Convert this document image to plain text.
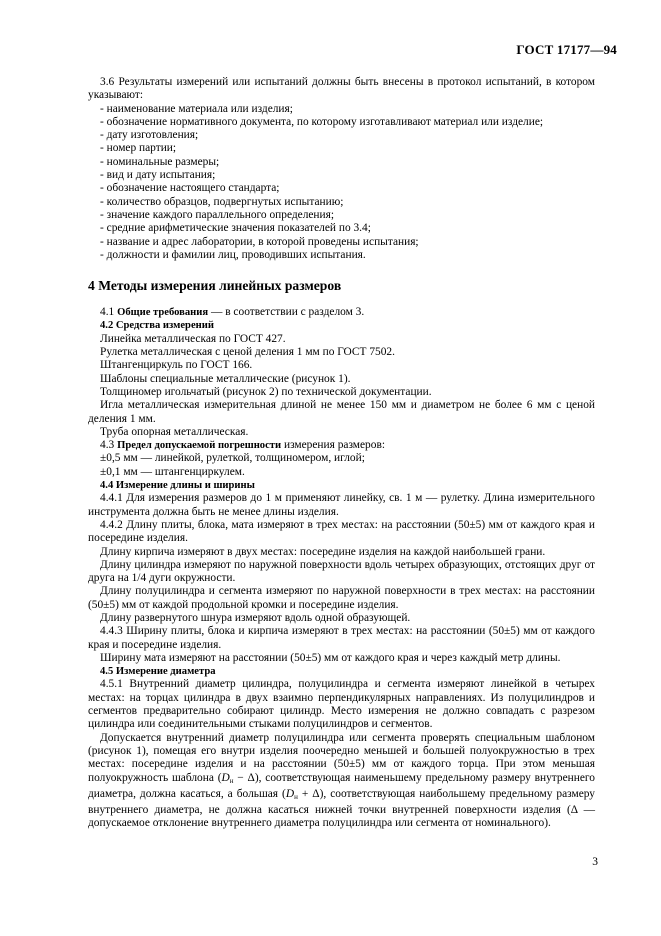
ГОСТ 17177—94

3.6 Результаты измерений или испытаний должны быть внесены в протокол испытаний, в котором указывают:

- наименование материала или изделия;

- обозначение нормативного документа, по которому изготавливают материал или изделие;

- дату изготовления;

- номер партии;

- номинальные размеры;

- вид и дату испытания;

- обозначение настоящего стандарта;

- количество образцов, подвергнутых испытанию;

- значение каждого параллельного определения;

- средние арифметические значения показателей по 3.4;

- название и адрес лаборатории, в которой проведены испытания;

- должности и фамилии лиц, проводивших испытания.

4 Методы измерения линейных размеров

4.1 Общие требования — в соответствии с разделом 3.

4.2 Средства измерений

Линейка металлическая по ГОСТ 427.

Рулетка металлическая с ценой деления 1 мм по ГОСТ 7502.

Штангенциркуль по ГОСТ 166.

Шаблоны специальные металлические (рисунок 1).

Толщиномер игольчатый (рисунок 2) по технической документации.

Игла металлическая измерительная длиной не менее 150 мм и диаметром не более 6 мм с ценой деления 1 мм.

Труба опорная металлическая.

4.3 Предел допускаемой погрешности измерения размеров:

±0,5 мм — линейкой, рулеткой, толщиномером, иглой;

±0,1 мм — штангенциркулем.

4.4 Измерение длины и ширины

4.4.1 Для измерения размеров до 1 м применяют линейку, св. 1 м — рулетку. Длина измерительного инструмента должна быть не менее длины изделия.

4.4.2 Длину плиты, блока, мата измеряют в трех местах: на расстоянии (50±5) мм от каждого края и посередине изделия.

Длину кирпича измеряют в двух местах: посередине изделия на каждой наибольшей грани.

Длину цилиндра измеряют по наружной поверхности вдоль четырех образующих, отстоящих друг от друга на 1/4 дуги окружности.

Длину полуцилиндра и сегмента измеряют по наружной поверхности в трех местах: на расстоянии (50±5) мм от каждой продольной кромки и посередине изделия.

Длину развернутого шнура измеряют вдоль одной образующей.

4.4.3 Ширину плиты, блока и кирпича измеряют в трех местах: на расстоянии (50±5) мм от каждого края и посередине изделия.

Ширину мата измеряют на расстоянии (50±5) мм от каждого края и через каждый метр длины.

4.5 Измерение диаметра

4.5.1 Внутренний диаметр цилиндра, полуцилиндра и сегмента измеряют линейкой в четырех местах: на торцах цилиндра в двух взаимно перпендикулярных направлениях. Из полуцилиндров и сегментов предварительно собирают цилиндр. Место измерения не должно совпадать с разрезом цилиндра или соединительными стыками полуцилиндров и сегментов.

Допускается внутренний диаметр полуцилиндра или сегмента проверять специальным шаблоном (рисунок 1), помещая его внутри изделия поочередно меньшей и большей полуокружностью в трех местах: посередине изделия и на расстоянии (50±5) мм от каждого торца. При этом меньшая полуокружность шаблона $(D_н - \Delta)$, соответствующая наименьшему предельному размеру внутреннего диаметра, должна касаться, а большая $(D_н + \Delta)$, соответствующая наибольшему предельному размеру внутреннего диаметра, не должна касаться нижней точки внутренней поверхности изделия (Δ — допускаемое отклонение внутреннего диаметра полуцилиндра или сегмента от номинального).

3
